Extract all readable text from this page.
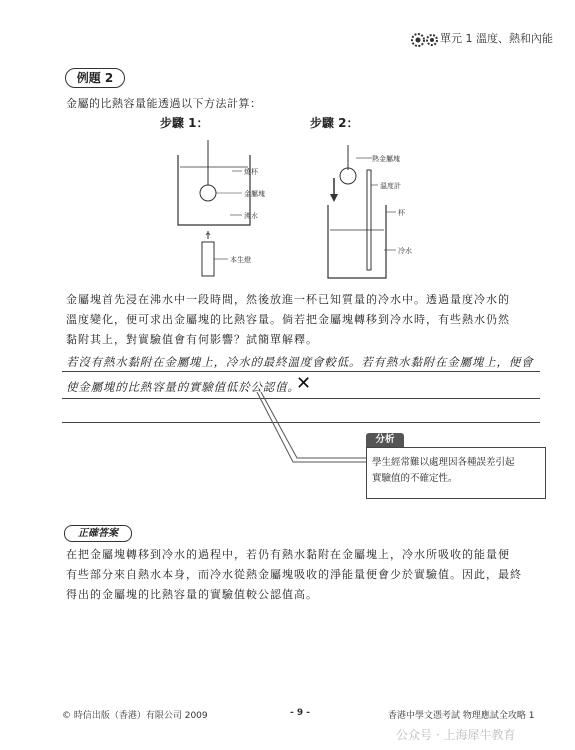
單元 1 溫度、熱和內能
例題 2
金屬的比熱容量能透過以下方法計算：
步驟 1：	步驟 2：
燒杯
金屬塊
沸水
本生燈
熱金屬塊
溫度計
杯
冷水
金屬塊首先浸在沸水中一段時間，然後放進一杯已知質量的冷水中。透過量度冷水的
溫度變化，便可求出金屬塊的比熱容量。倘若把金屬塊轉移到冷水時，有些熱水仍然
黏附其上，對實驗值會有何影響？試簡單解釋。
若沒有熱水黏附在金屬塊上，冷水的最終溫度會較低。若有熱水黏附在金屬塊上，便會
使金屬塊的比熱容量的實驗值低於公認值。
✕
分析
學生經常難以處理因各種誤差引起
實驗值的不確定性。
正確答案
在把金屬塊轉移到冷水的過程中，若仍有熱水黏附在金屬塊上，冷水所吸收的能量便
有些部分來自熱水本身，而冷水從熱金屬塊吸收的淨能量便會少於實驗值。因此，最終
得出的金屬塊的比熱容量的實驗值較公認值高。
© 時信出版（香港）有限公司 2009	- 9 -	香港中學文憑考試 物理應試全攻略 1
公众号 · 上海犀牛教育
